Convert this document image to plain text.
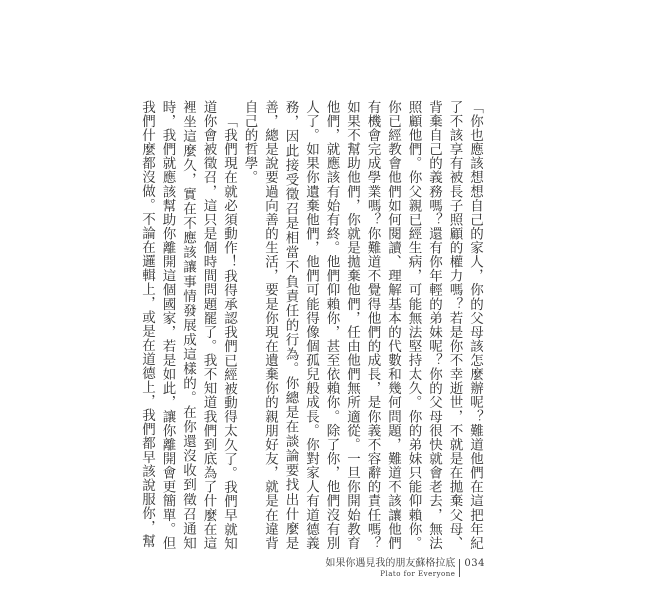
「你也應該想想自己的家人，你的父母該怎麼辦呢？難道他們在這把年紀了不該享有被長子照顧的權力嗎？若是你不幸逝世，不就是在拋棄父母、背棄自己的義務嗎？還有你年輕的弟妹呢？你的父母很快就會老去，無法照顧他們。你父親已經生病，可能無法堅持太久。你的弟妹只能仰賴你。你已經教會他們如何閱讀、理解基本的代數和幾何問題，難道不該讓他們有機會完成學業嗎？你難道不覺得他們的成長，是你義不容辭的責任嗎？如果不幫助他們，你就是拋棄他們，任由他們無所適從。一旦你開始教育他們，就應該有始有終。他們仰賴你，甚至依賴你。除了你，他們沒有別人了。如果你遺棄他們，他們可能得像個孤兒般成長。你對家人有道德義務，因此接受徵召是相當不負責任的行為。你總是在談論要找出什麼是善，總是說要過向善的生活，要是你現在遺棄你的親朋好友，就是在違背自己的哲學。

「我們現在就必須動作！我得承認我們已經被動得太久了。我們早就知道你會被徵召，這只是個時間問題罷了。我不知道我們到底為了什麼在這裡坐這麼久，實在不應該讓事情發展成這樣的。在你還沒收到徵召通知時，我們就應該幫助你離開這個國家，若是如此，讓你離開會更簡單。但我們什麼都沒做。不論在邏輯上，或是在道德上，我們都早該說服你，幫

如果你遇見我的朋友蘇格拉底
Plato for Everyone
034
